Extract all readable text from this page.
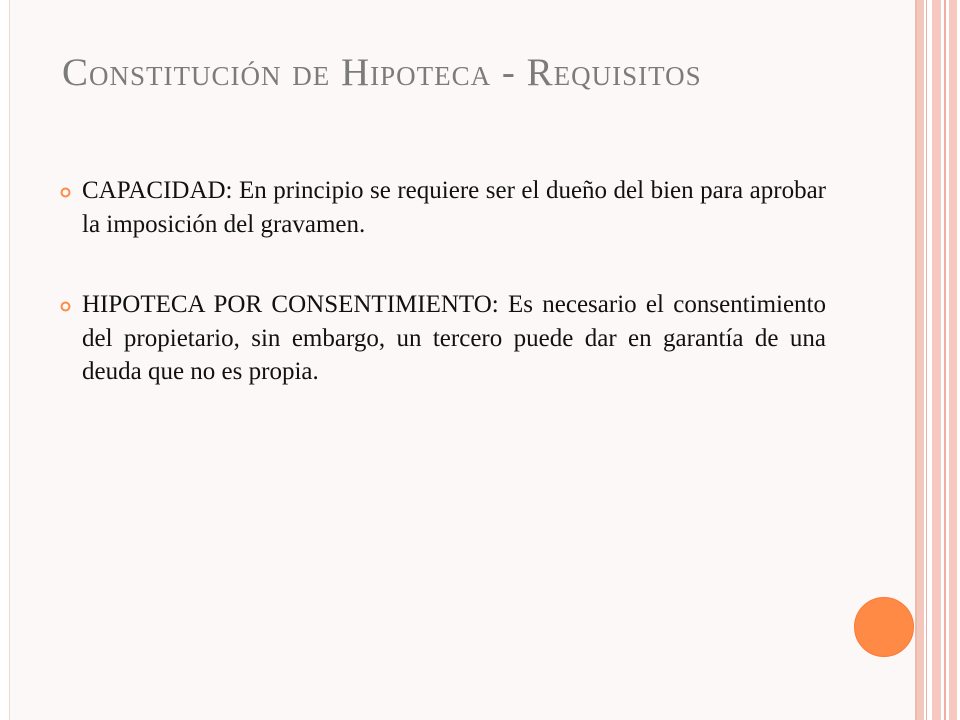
Constitución de Hipoteca - Requisitos
CAPACIDAD: En principio se requiere ser el dueño del bien para aprobar la imposición del gravamen.
HIPOTECA POR CONSENTIMIENTO: Es necesario el consentimiento del propietario, sin embargo, un tercero puede dar en garantía de una deuda que no es propia.
